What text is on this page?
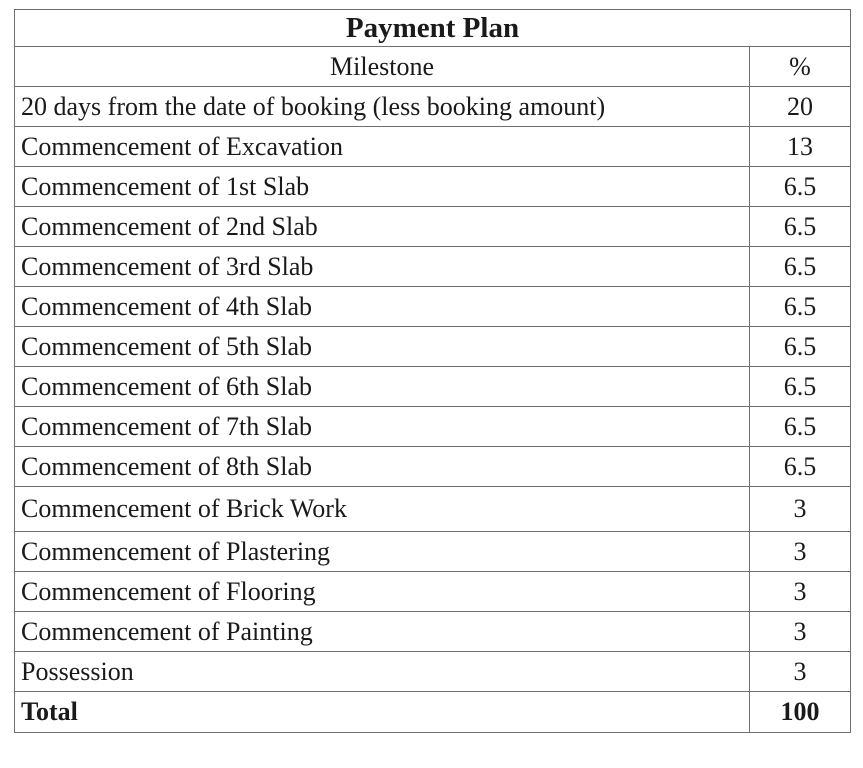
Payment Plan	
Milestone	%
20 days from the date of booking (less booking amount)	20
Commencement of Excavation	13
Commencement of 1st Slab	6.5
Commencement of 2nd Slab	6.5
Commencement of 3rd Slab	6.5
Commencement of 4th Slab	6.5
Commencement of 5th Slab	6.5
Commencement of 6th Slab	6.5
Commencement of 7th Slab	6.5
Commencement of 8th Slab	6.5
Commencement of Brick Work	3
Commencement of Plastering	3
Commencement of Flooring	3
Commencement of Painting	3
Possession	3
Total	100
